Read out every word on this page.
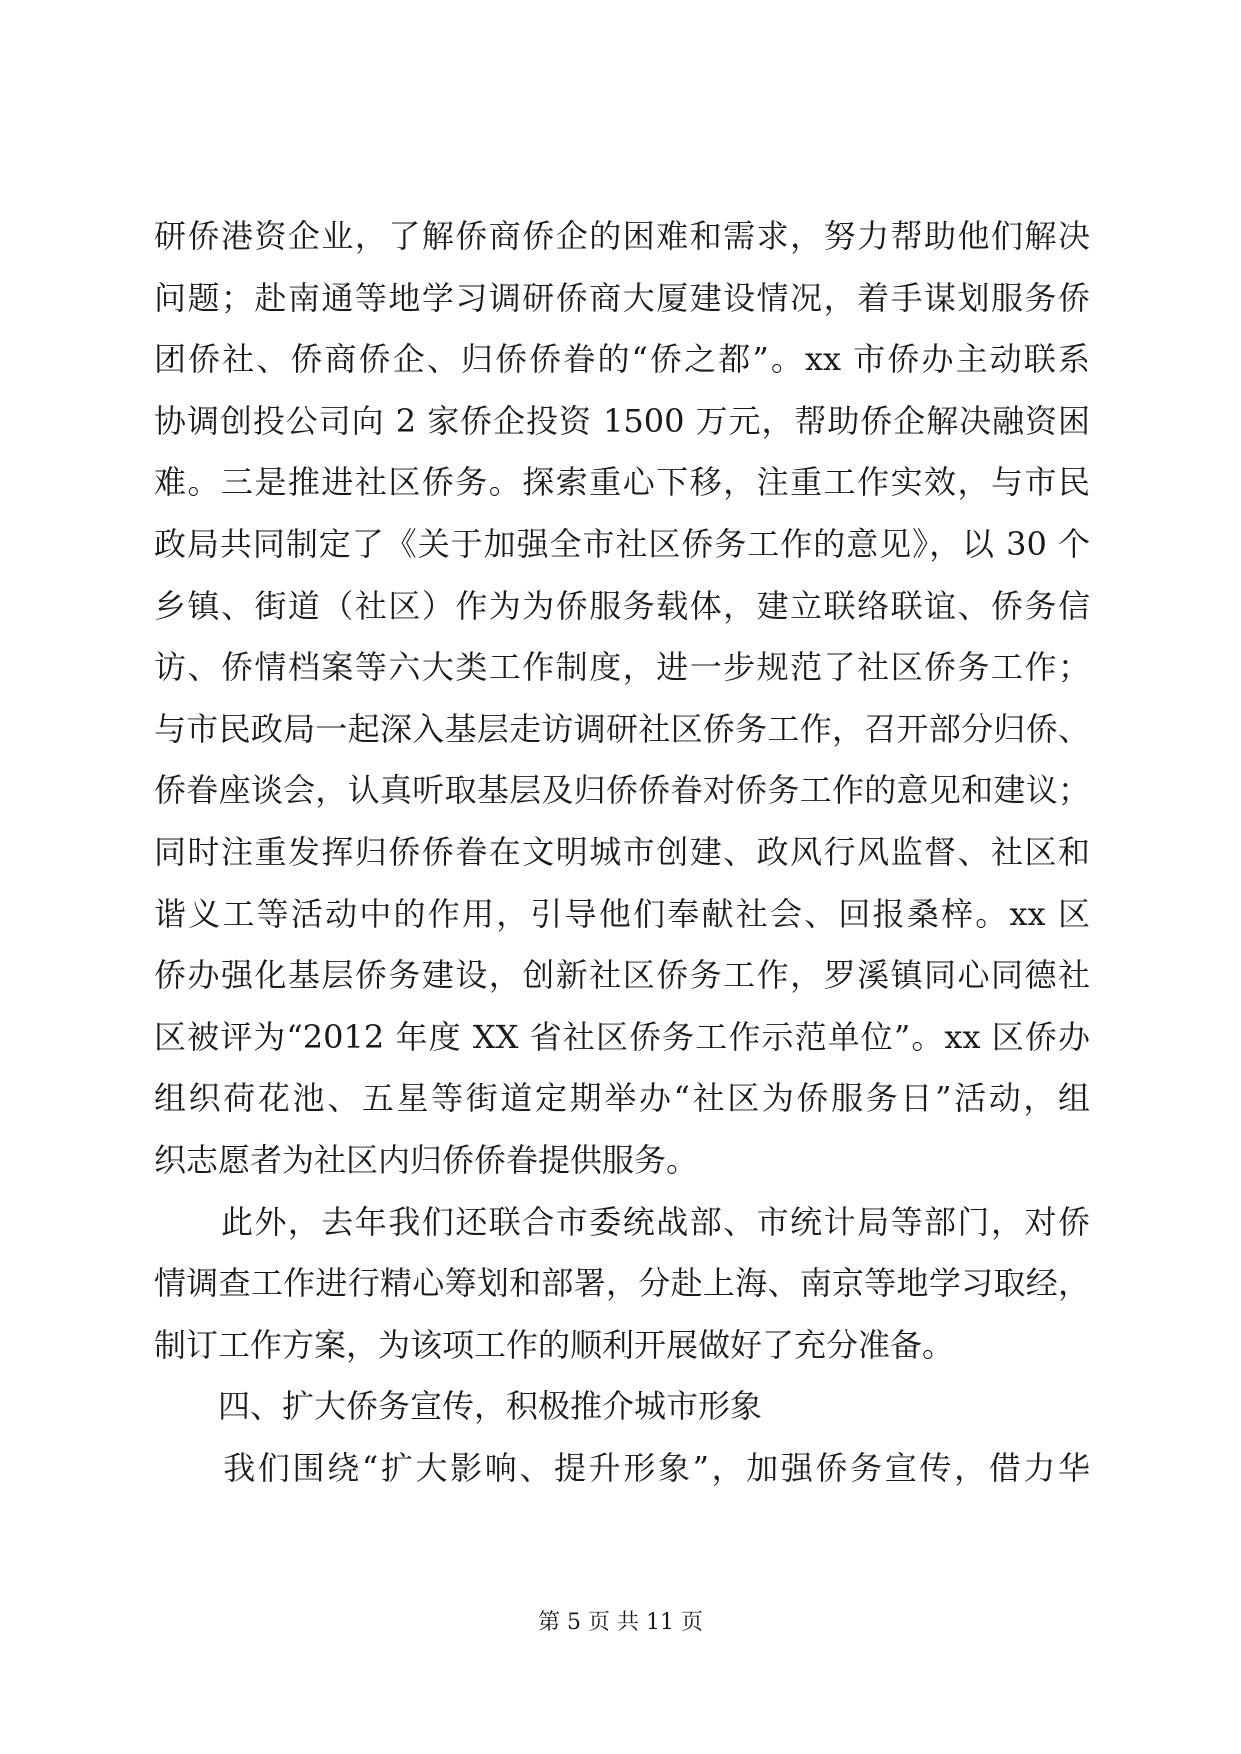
研侨港资企业，了解侨商侨企的困难和需求，努力帮助他们解决
问题；赴南通等地学习调研侨商大厦建设情况，着手谋划服务侨
团侨社、侨商侨企、归侨侨眷的“侨之都”。xx 市侨办主动联系
协调创投公司向 2 家侨企投资 1500 万元，帮助侨企解决融资困
难。三是推进社区侨务。探索重心下移，注重工作实效，与市民
政局共同制定了《关于加强全市社区侨务工作的意见》，以 30 个
乡镇、街道（社区）作为为侨服务载体，建立联络联谊、侨务信
访、侨情档案等六大类工作制度，进一步规范了社区侨务工作；
与市民政局一起深入基层走访调研社区侨务工作，召开部分归侨、
侨眷座谈会，认真听取基层及归侨侨眷对侨务工作的意见和建议；
同时注重发挥归侨侨眷在文明城市创建、政风行风监督、社区和
谐义工等活动中的作用，引导他们奉献社会、回报桑梓。xx 区
侨办强化基层侨务建设，创新社区侨务工作，罗溪镇同心同德社
区被评为“2012 年度 XX 省社区侨务工作示范单位”。xx 区侨办
组织荷花池、五星等街道定期举办“社区为侨服务日”活动，组
织志愿者为社区内归侨侨眷提供服务。
　　此外，去年我们还联合市委统战部、市统计局等部门，对侨
情调查工作进行精心筹划和部署，分赴上海、南京等地学习取经，
制订工作方案，为该项工作的顺利开展做好了充分准备。
　　四、扩大侨务宣传，积极推介城市形象
　　我们围绕“扩大影响、提升形象”，加强侨务宣传，借力华
第 5 页 共 11 页
